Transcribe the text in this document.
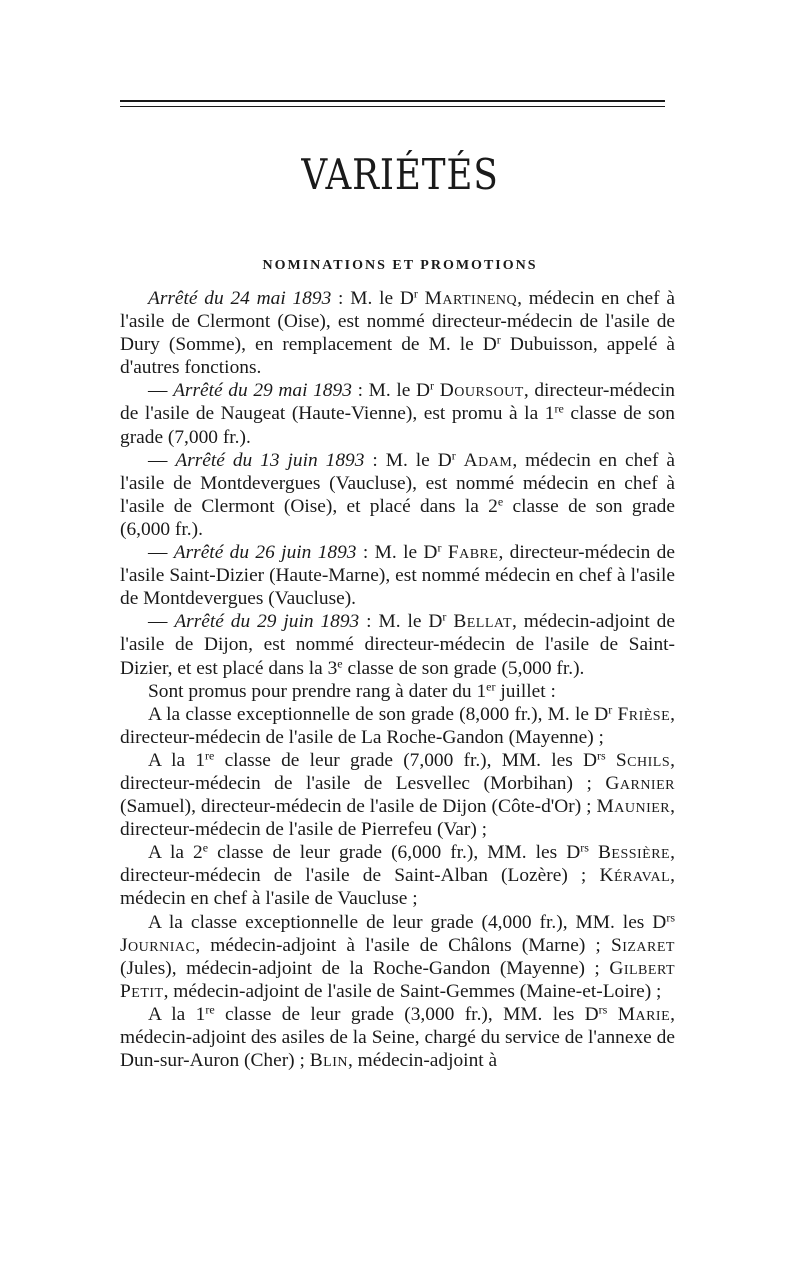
VARIÉTÉS
NOMINATIONS ET PROMOTIONS

Arrêté du 24 mai 1893 : M. le $D^r$ Martinenq, médecin en chef à l'asile de Clermont (Oise), est nommé directeur-médecin de l'asile de Dury (Somme), en remplacement de M. le $D^r$ Dubuisson, appelé à d'autres fonctions.

— Arrêté du 29 mai 1893 : M. le $D^r$ Doursout, directeur-médecin de l'asile de Naugeat (Haute-Vienne), est promu à la 1re classe de son grade (7,000 fr.).

— Arrêté du 13 juin 1893 : M. le $D^r$ Adam, médecin en chef à l'asile de Montdevergues (Vaucluse), est nommé médecin en chef à l'asile de Clermont (Oise), et placé dans la 2e classe de son grade (6,000 fr.).

— Arrêté du 26 juin 1893 : M. le $D^r$ Fabre, directeur-médecin de l'asile Saint-Dizier (Haute-Marne), est nommé médecin en chef à l'asile de Montdevergues (Vaucluse).

— Arrêté du 29 juin 1893 : M. le $D^r$ Bellat, médecin-adjoint de l'asile de Dijon, est nommé directeur-médecin de l'asile de Saint-Dizier, et est placé dans la 3e classe de son grade (5,000 fr.).

Sont promus pour prendre rang à dater du 1er juillet :

A la classe exceptionnelle de son grade (8,000 fr.), M. le $D^r$ Frièse, directeur-médecin de l'asile de La Roche-Gandon (Mayenne) ;

A la 1re classe de leur grade (7,000 fr.), MM. les $D^{rs}$ Schils, directeur-médecin de l'asile de Lesvellec (Morbihan) ; Garnier (Samuel), directeur-médecin de l'asile de Dijon (Côte-d'Or) ; Maunier, directeur-médecin de l'asile de Pierrefeu (Var) ;

A la 2e classe de leur grade (6,000 fr.), MM. les $D^{rs}$ Bessière, directeur-médecin de l'asile de Saint-Alban (Lozère) ; Kéraval, médecin en chef à l'asile de Vaucluse ;

A la classe exceptionnelle de leur grade (4,000 fr.), MM. les $D^{rs}$ Journiac, médecin-adjoint à l'asile de Châlons (Marne) ; Sizaret (Jules), médecin-adjoint de la Roche-Gandon (Mayenne) ; Gilbert Petit, médecin-adjoint de l'asile de Saint-Gemmes (Maine-et-Loire) ;

A la 1re classe de leur grade (3,000 fr.), MM. les $D^{rs}$ Marie, médecin-adjoint des asiles de la Seine, chargé du service de l'annexe de Dun-sur-Auron (Cher) ; Blin, médecin-adjoint à
